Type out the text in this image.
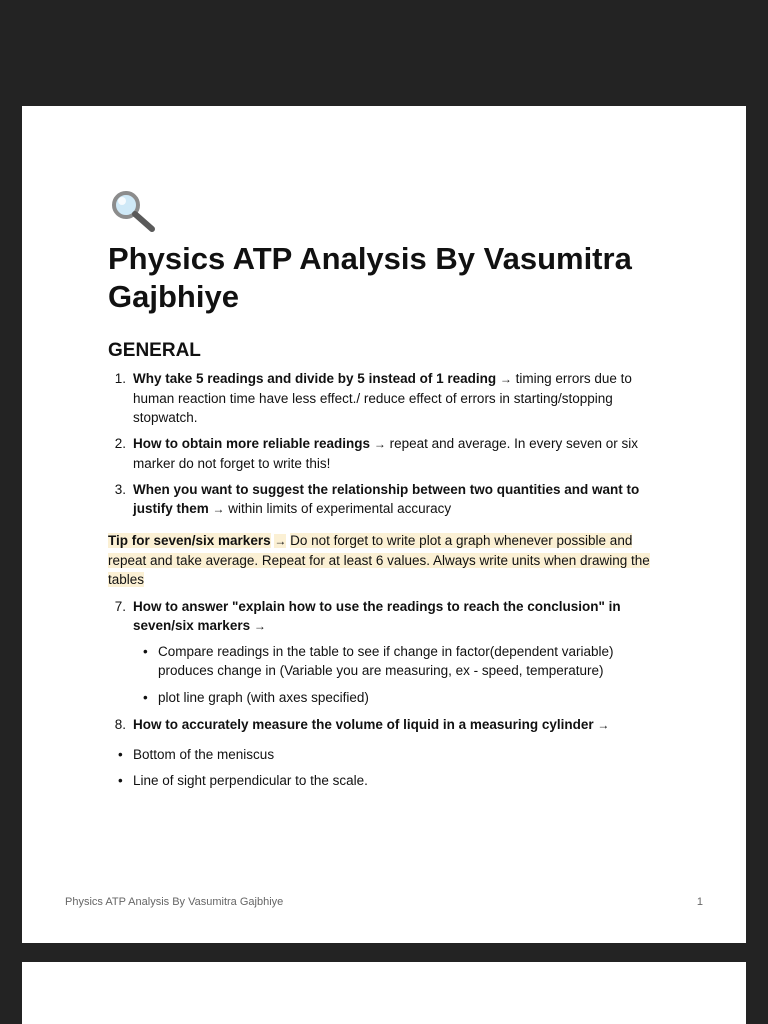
Physics ATP Analysis By Vasumitra Gajbhiye
GENERAL
1. Why take 5 readings and divide by 5 instead of 1 reading → timing errors due to human reaction time have less effect./ reduce effect of errors in starting/stopping stopwatch.
2. How to obtain more reliable readings → repeat and average. In every seven or six marker do not forget to write this!
3. When you want to suggest the relationship between two quantities and want to justify them → within limits of experimental accuracy

Tip for seven/six markers → Do not forget to write plot a graph whenever possible and repeat and take average. Repeat for at least 6 values. Always write units when drawing the tables

7. How to answer "explain how to use the readings to reach the conclusion" in seven/six markers →
• Compare readings in the table to see if change in factor(dependent variable) produces change in (Variable you are measuring, ex - speed, temperature)
• plot line graph (with axes specified)
8. How to accurately measure the volume of liquid in a measuring cylinder →
• Bottom of the meniscus
• Line of sight perpendicular to the scale.
Physics ATP Analysis By Vasumitra Gajbhiye	1
